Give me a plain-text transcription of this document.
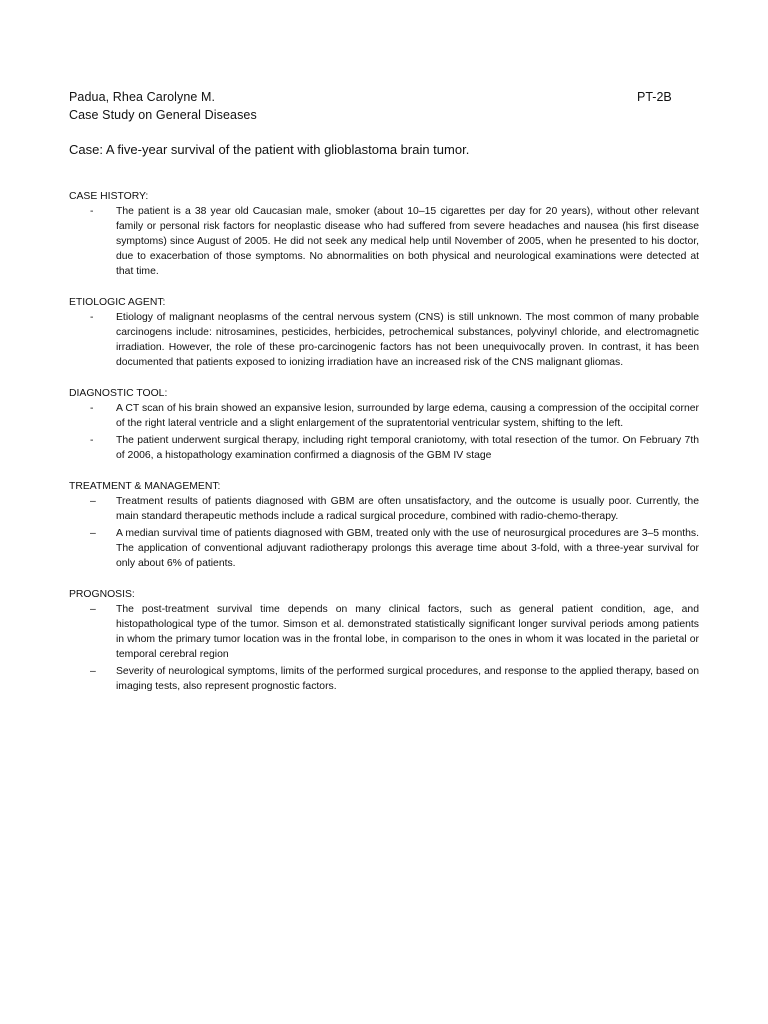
Padua, Rhea Carolyne M.
Case Study on General Diseases
PT-2B
Case: A five-year survival of the patient with glioblastoma brain tumor.
CASE HISTORY:
- The patient is a 38 year old Caucasian male, smoker (about 10–15 cigarettes per day for 20 years), without other relevant family or personal risk factors for neoplastic disease who had suffered from severe headaches and nausea (his first disease symptoms) since August of 2005. He did not seek any medical help until November of 2005, when he presented to his doctor, due to exacerbation of those symptoms. No abnormalities on both physical and neurological examinations were detected at that time.
ETIOLOGIC AGENT:
- Etiology of malignant neoplasms of the central nervous system (CNS) is still unknown. The most common of many probable carcinogens include: nitrosamines, pesticides, herbicides, petrochemical substances, polyvinyl chloride, and electromagnetic irradiation. However, the role of these pro-carcinogenic factors has not been unequivocally proven. In contrast, it has been documented that patients exposed to ionizing irradiation have an increased risk of the CNS malignant gliomas.
DIAGNOSTIC TOOL:
- A CT scan of his brain showed an expansive lesion, surrounded by large edema, causing a compression of the occipital corner of the right lateral ventricle and a slight enlargement of the supratentorial ventricular system, shifting to the left.
- The patient underwent surgical therapy, including right temporal craniotomy, with total resection of the tumor. On February 7th of 2006, a histopathology examination confirmed a diagnosis of the GBM IV stage
TREATMENT & MANAGEMENT:
– Treatment results of patients diagnosed with GBM are often unsatisfactory, and the outcome is usually poor. Currently, the main standard therapeutic methods include a radical surgical procedure, combined with radio-chemo-therapy.
– A median survival time of patients diagnosed with GBM, treated only with the use of neurosurgical procedures are 3–5 months. The application of conventional adjuvant radiotherapy prolongs this average time about 3-fold, with a three-year survival for only about 6% of patients.
PROGNOSIS:
– The post-treatment survival time depends on many clinical factors, such as general patient condition, age, and histopathological type of the tumor. Simson et al. demonstrated statistically significant longer survival periods among patients in whom the primary tumor location was in the frontal lobe, in comparison to the ones in whom it was located in the parietal or temporal cerebral region
– Severity of neurological symptoms, limits of the performed surgical procedures, and response to the applied therapy, based on imaging tests, also represent prognostic factors.
